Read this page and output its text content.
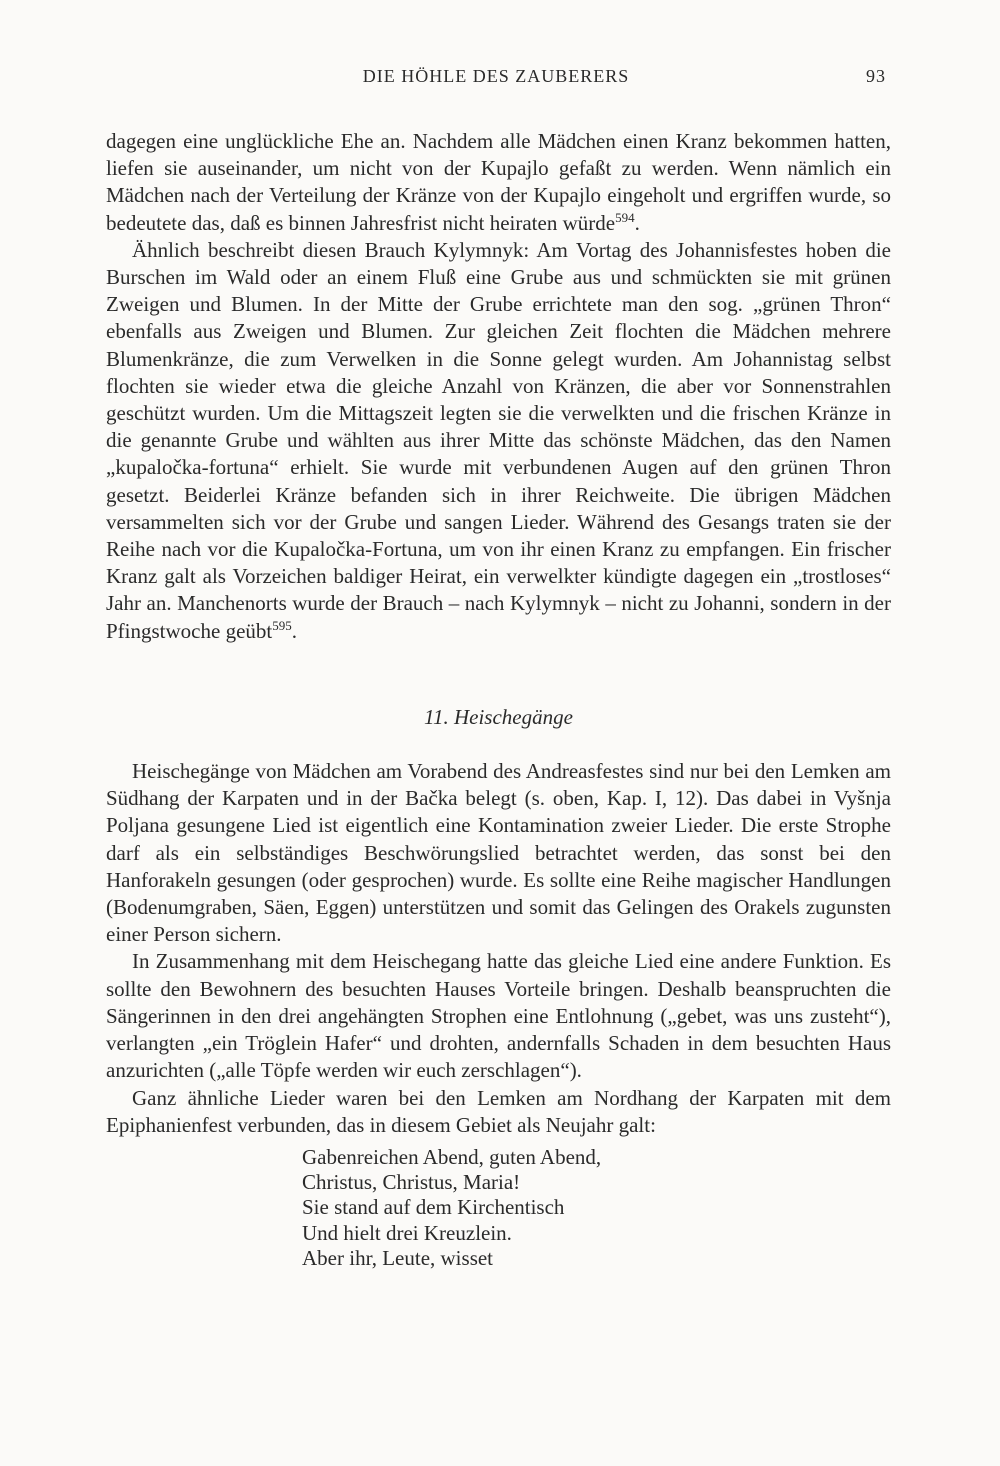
DIE HÖHLE DES ZAUBERERS	93

dagegen eine unglückliche Ehe an. Nachdem alle Mädchen einen Kranz bekommen hatten, liefen sie auseinander, um nicht von der Kupajlo gefaßt zu werden. Wenn nämlich ein Mädchen nach der Verteilung der Kränze von der Kupajlo eingeholt und ergriffen wurde, so bedeutete das, daß es binnen Jahresfrist nicht heiraten würde$^{594}$.

Ähnlich beschreibt diesen Brauch Kylymnyk: Am Vortag des Johannisfestes hoben die Burschen im Wald oder an einem Fluß eine Grube aus und schmückten sie mit grünen Zweigen und Blumen. In der Mitte der Grube errichtete man den sog. „grünen Thron“ ebenfalls aus Zweigen und Blumen. Zur gleichen Zeit flochten die Mädchen mehrere Blumenkränze, die zum Verwelken in die Sonne gelegt wurden. Am Johannistag selbst flochten sie wieder etwa die gleiche Anzahl von Kränzen, die aber vor Sonnenstrahlen geschützt wurden. Um die Mittagszeit legten sie die verwelkten und die frischen Kränze in die genannte Grube und wählten aus ihrer Mitte das schönste Mädchen, das den Namen „kupaločka-fortuna“ erhielt. Sie wurde mit verbundenen Augen auf den grünen Thron gesetzt. Beiderlei Kränze befanden sich in ihrer Reichweite. Die übrigen Mädchen versammelten sich vor der Grube und sangen Lieder. Während des Gesangs traten sie der Reihe nach vor die Kupaločka-Fortuna, um von ihr einen Kranz zu empfangen. Ein frischer Kranz galt als Vorzeichen baldiger Heirat, ein verwelkter kündigte dagegen ein „trostloses“ Jahr an. Manchenorts wurde der Brauch – nach Kylymnyk – nicht zu Johanni, sondern in der Pfingstwoche geübt$^{595}$.

11. Heischegänge

Heischegänge von Mädchen am Vorabend des Andreasfestes sind nur bei den Lemken am Südhang der Karpaten und in der Bačka belegt (s. oben, Kap. I, 12). Das dabei in Vyšnja Poljana gesungene Lied ist eigentlich eine Kontamination zweier Lieder. Die erste Strophe darf als ein selbständiges Beschwörungslied betrachtet werden, das sonst bei den Hanforakeln gesungen (oder gesprochen) wurde. Es sollte eine Reihe magischer Handlungen (Bodenumgraben, Säen, Eggen) unterstützen und somit das Gelingen des Orakels zugunsten einer Person sichern.

In Zusammenhang mit dem Heischegang hatte das gleiche Lied eine andere Funktion. Es sollte den Bewohnern des besuchten Hauses Vorteile bringen. Deshalb beanspruchten die Sängerinnen in den drei angehängten Strophen eine Entlohnung („gebet, was uns zusteht“), verlangten „ein Tröglein Hafer“ und drohten, andernfalls Schaden in dem besuchten Haus anzurichten („alle Töpfe werden wir euch zerschlagen“).

Ganz ähnliche Lieder waren bei den Lemken am Nordhang der Karpaten mit dem Epiphanienfest verbunden, das in diesem Gebiet als Neujahr galt:

Gabenreichen Abend, guten Abend,
Christus, Christus, Maria!
Sie stand auf dem Kirchentisch
Und hielt drei Kreuzlein.
Aber ihr, Leute, wisset
